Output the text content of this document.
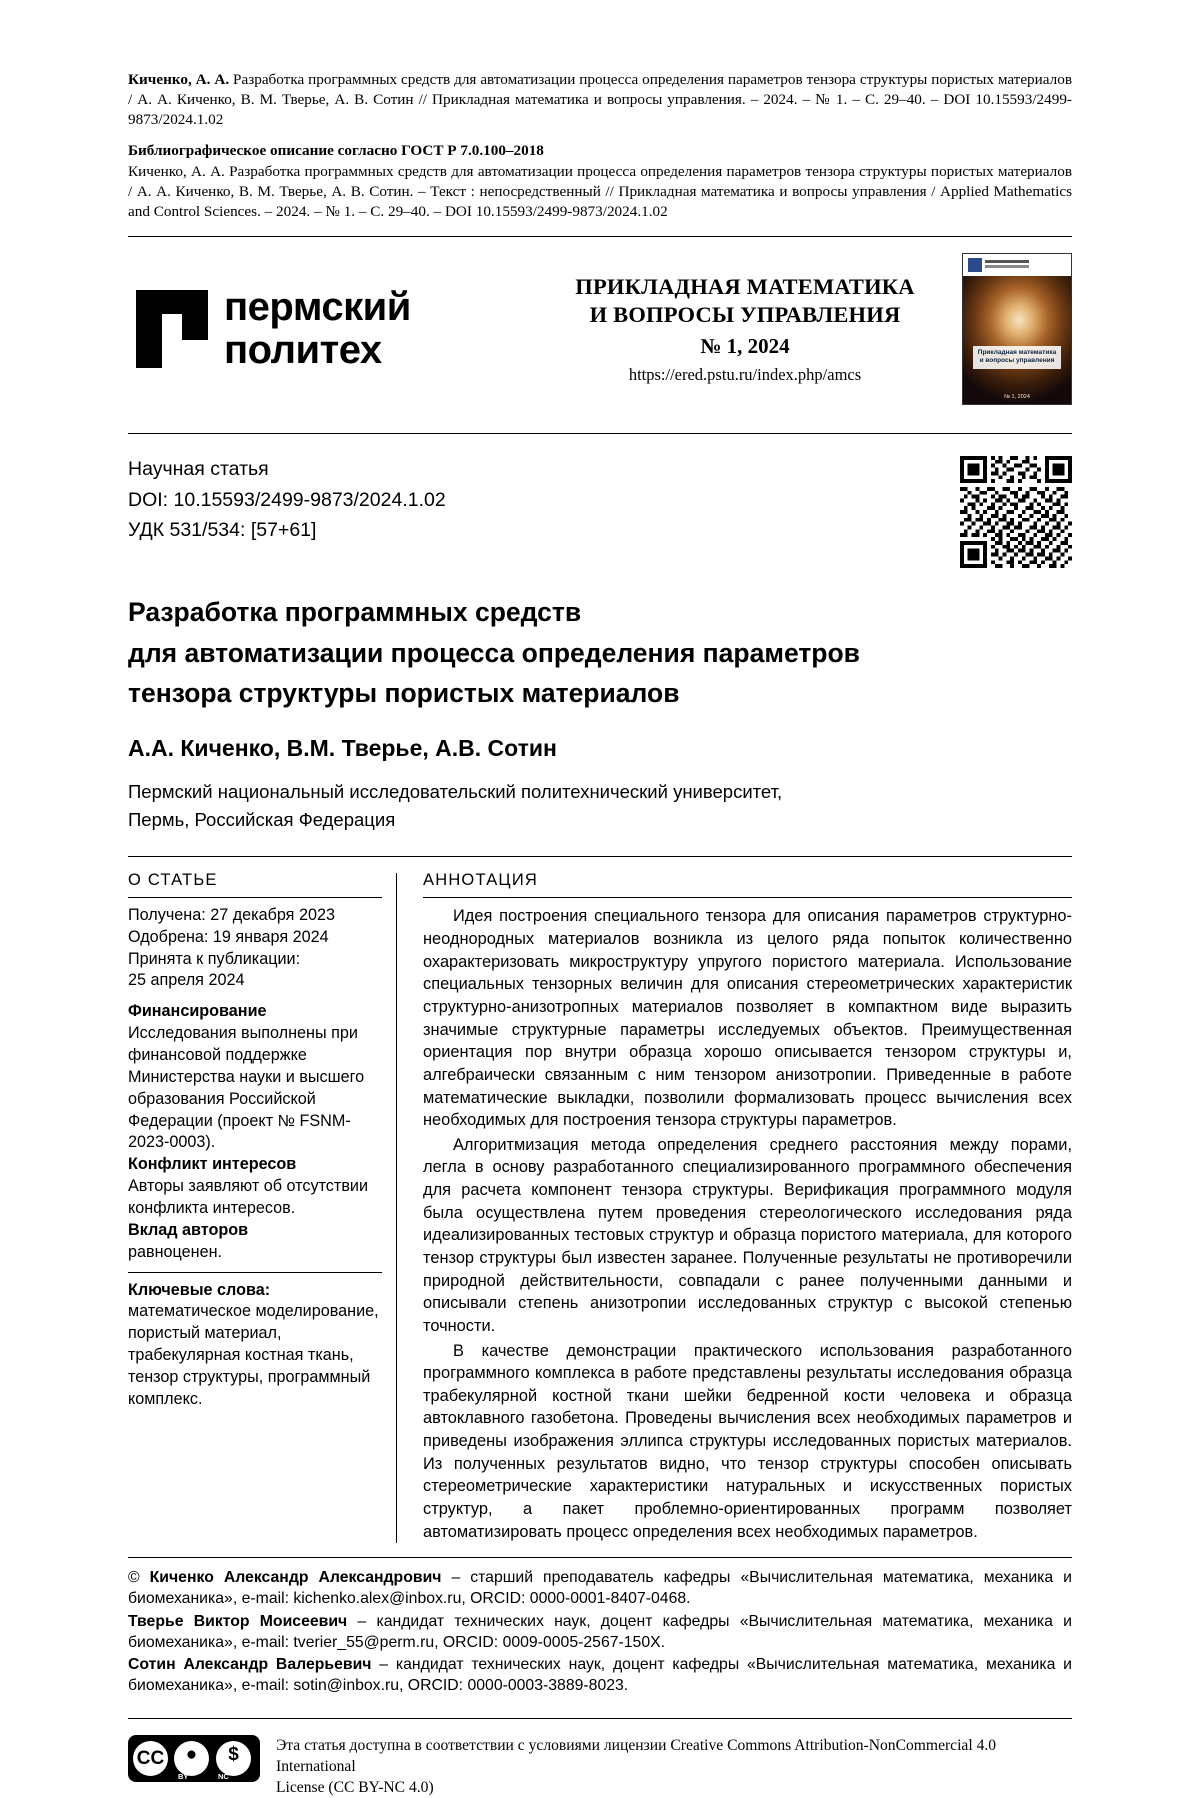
Киченко, А. А. Разработка программных средств для автоматизации процесса определения параметров тензора структуры пористых материалов / А. А. Киченко, В. М. Тверье, А. В. Сотин // Прикладная математика и вопросы управления. – 2024. – № 1. – С. 29–40. – DOI 10.15593/2499-9873/2024.1.02
Библиографическое описание согласно ГОСТ Р 7.0.100–2018
Киченко, А. А. Разработка программных средств для автоматизации процесса определения параметров тензора структуры пористых материалов / А. А. Киченко, В. М. Тверье, А. В. Сотин. – Текст : непосредственный // Прикладная математика и вопросы управления / Applied Mathematics and Control Sciences. – 2024. – № 1. – С. 29–40. – DOI 10.15593/2499-9873/2024.1.02
пермский
политех
ПРИКЛАДНАЯ МАТЕМАТИКА
И ВОПРОСЫ УПРАВЛЕНИЯ
№ 1, 2024
https://ered.pstu.ru/index.php/amcs
Прикладная математика и вопросы управления
№ 1, 2024
Научная статья
DOI: 10.15593/2499-9873/2024.1.02
УДК 531/534: [57+61]
Разработка программных средств
для автоматизации процесса определения параметров
тензора структуры пористых материалов
А.А. Киченко, В.М. Тверье, А.В. Сотин
Пермский национальный исследовательский политехнический университет,
Пермь, Российская Федерация
О СТАТЬЕ

Получена: 27 декабря 2023

Одобрена: 19 января 2024

Принята к публикации:

25 апреля 2024

Финансирование
Исследования выполнены при финансовой поддержке Министерства науки и высшего образования Российской Федерации (проект № FSNM-2023-0003).
Конфликт интересов
Авторы заявляют об отсутствии конфликта интересов.
Вклад авторов
равноценен.
Ключевые слова:
математическое моделирование, пористый материал, трабекулярная костная ткань, тензор структуры, программный комплекс.
АННОТАЦИЯ

Идея построения специального тензора для описания параметров структурно-неоднородных материалов возникла из целого ряда попыток количественно охарактеризовать микроструктуру упругого пористого материала. Использование специальных тензорных величин для описания стереометрических характеристик структурно-анизотропных материалов позволяет в компактном виде выразить значимые структурные параметры исследуемых объектов. Преимущественная ориентация пор внутри образца хорошо описывается тензором структуры и, алгебраически связанным с ним тензором анизотропии. Приведенные в работе математические выкладки, позволили формализовать процесс вычисления всех необходимых для построения тензора структуры параметров.

Алгоритмизация метода определения среднего расстояния между порами, легла в основу разработанного специализированного программного обеспечения для расчета компонент тензора структуры. Верификация программного модуля была осуществлена путем проведения стереологического исследования ряда идеализированных тестовых структур и образца пористого материала, для которого тензор структуры был известен заранее. Полученные результаты не противоречили природной действительности, совпадали с ранее полученными данными и описывали степень анизотропии исследованных структур с высокой степенью точности.

В качестве демонстрации практического использования разработанного программного комплекса в работе представлены результаты исследования образца трабекулярной костной ткани шейки бедренной кости человека и образца автоклавного газобетона. Проведены вычисления всех необходимых параметров и приведены изображения эллипса структуры исследованных пористых материалов. Из полученных результатов видно, что тензор структуры способен описывать стереометрические характеристики натуральных и искусственных пористых структур, а пакет проблемно-ориентированных программ позволяет автоматизировать процесс определения всех необходимых параметров.

© Киченко Александр Александрович – старший преподаватель кафедры «Вычислительная математика, механика и биомеханика», e-mail: kichenko.alex@inbox.ru, ORCID: 0000-0001-8407-0468.

Тверье Виктор Моисеевич – кандидат технических наук, доцент кафедры «Вычислительная математика, механика и биомеханика», e-mail: tverier_55@perm.ru, ORCID: 0009-0005-2567-150X.

Сотин Александр Валерьевич – кандидат технических наук, доцент кафедры «Вычислительная математика, механика и биомеханика», e-mail: sotin@inbox.ru, ORCID: 0000-0003-3889-8023.

CC	●	$
BY	NC
Эта статья доступна в соответствии с условиями лицензии Creative Commons Attribution-NonCommercial 4.0 International
License (CC BY-NC 4.0)
